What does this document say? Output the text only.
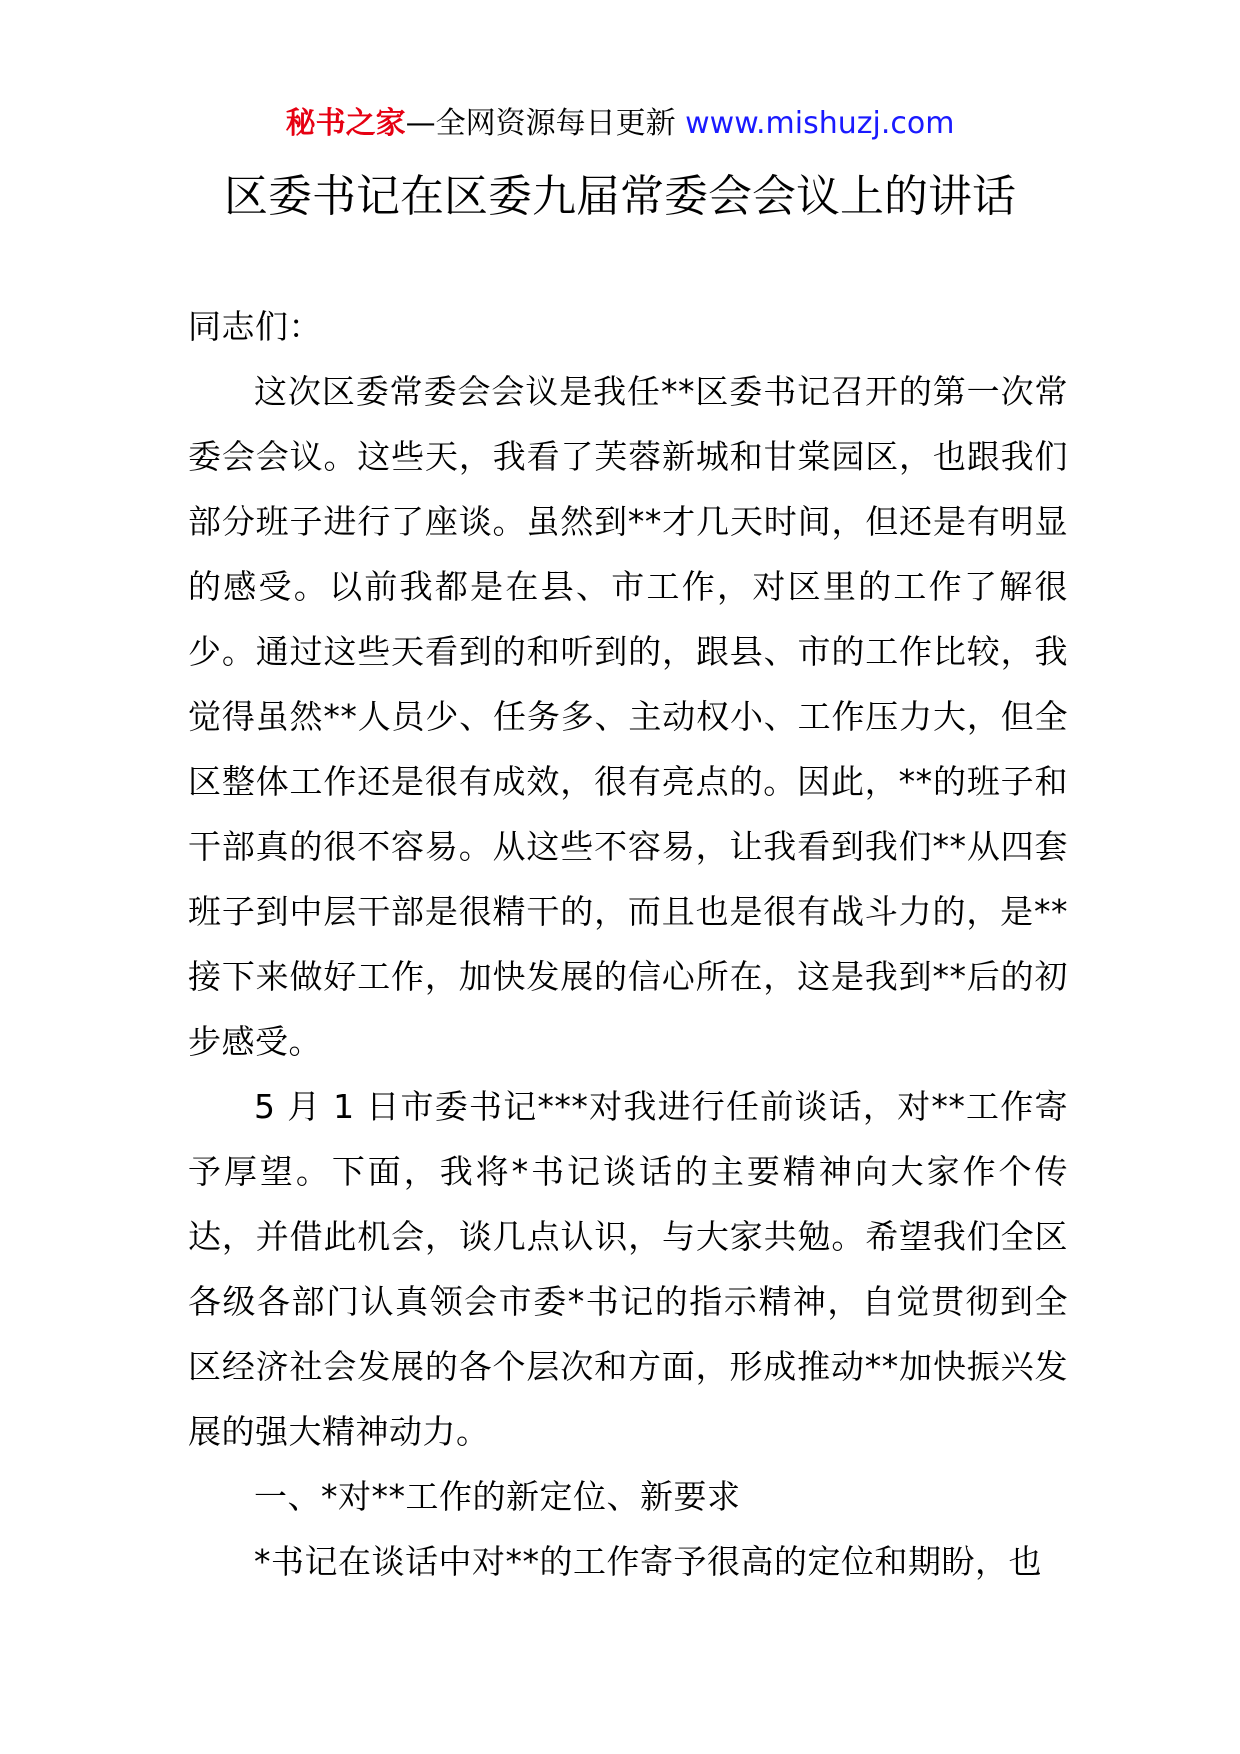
秘书之家—全网资源每日更新 www.mishuzj.com
区委书记在区委九届常委会会议上的讲话

同志们：

这次区委常委会会议是我任**区委书记召开的第一次常委会会议。这些天，我看了芙蓉新城和甘棠园区，也跟我们部分班子进行了座谈。虽然到**才几天时间，但还是有明显的感受。以前我都是在县、市工作，对区里的工作了解很少。通过这些天看到的和听到的，跟县、市的工作比较，我觉得虽然**人员少、任务多、主动权小、工作压力大，但全区整体工作还是很有成效，很有亮点的。因此，**的班子和干部真的很不容易。从这些不容易，让我看到我们**从四套班子到中层干部是很精干的，而且也是很有战斗力的，是**接下来做好工作，加快发展的信心所在，这是我到**后的初步感受。

5 月 1 日市委书记***对我进行任前谈话，对**工作寄予厚望。下面，我将*书记谈话的主要精神向大家作个传达，并借此机会，谈几点认识，与大家共勉。希望我们全区各级各部门认真领会市委*书记的指示精神，自觉贯彻到全区经济社会发展的各个层次和方面，形成推动**加快振兴发展的强大精神动力。

一、*对**工作的新定位、新要求

*书记在谈话中对**的工作寄予很高的定位和期盼，也
